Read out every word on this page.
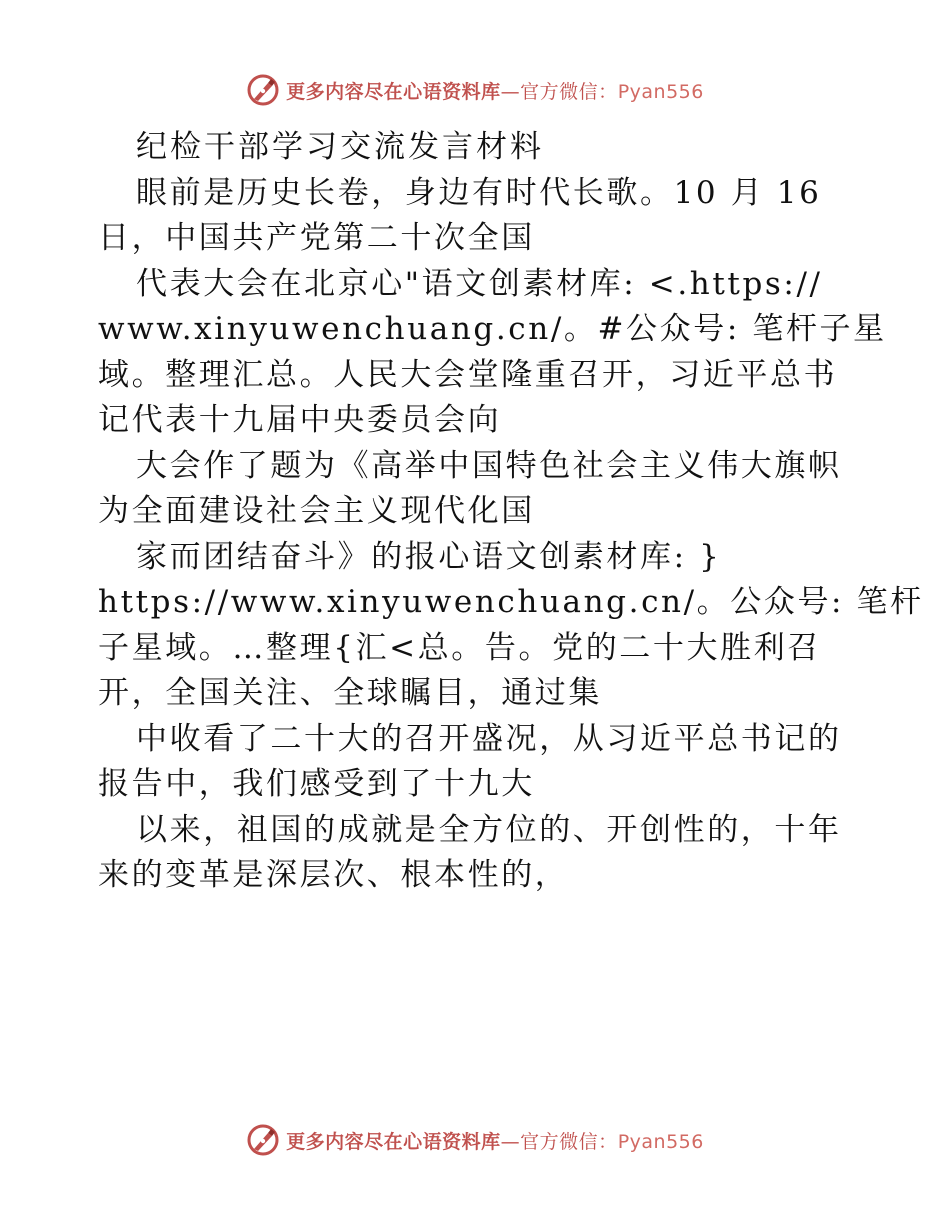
更多内容尽在心语资料库—官方微信：Pyan556
纪检干部学习交流发言材料
眼前是历史长卷，身边有时代长歌。10 月 16
日，中国共产党第二十次全国
代表大会在北京心"语文创素材库: <.https://
www.xinyuwenchuang.cn/。#公众号: 笔杆子星
域。整理汇总。人民大会堂隆重召开，习近平总书
记代表十九届中央委员会向
大会作了题为《高举中国特色社会主义伟大旗帜
为全面建设社会主义现代化国
家而团结奋斗》的报心语文创素材库: }
https://www.xinyuwenchuang.cn/。公众号: 笔杆
子星域。…整理{汇<总。告。党的二十大胜利召
开，全国关注、全球瞩目，通过集
中收看了二十大的召开盛况，从习近平总书记的
报告中，我们感受到了十九大
以来，祖国的成就是全方位的、开创性的，十年
来的变革是深层次、根本性的，
更多内容尽在心语资料库—官方微信：Pyan556
